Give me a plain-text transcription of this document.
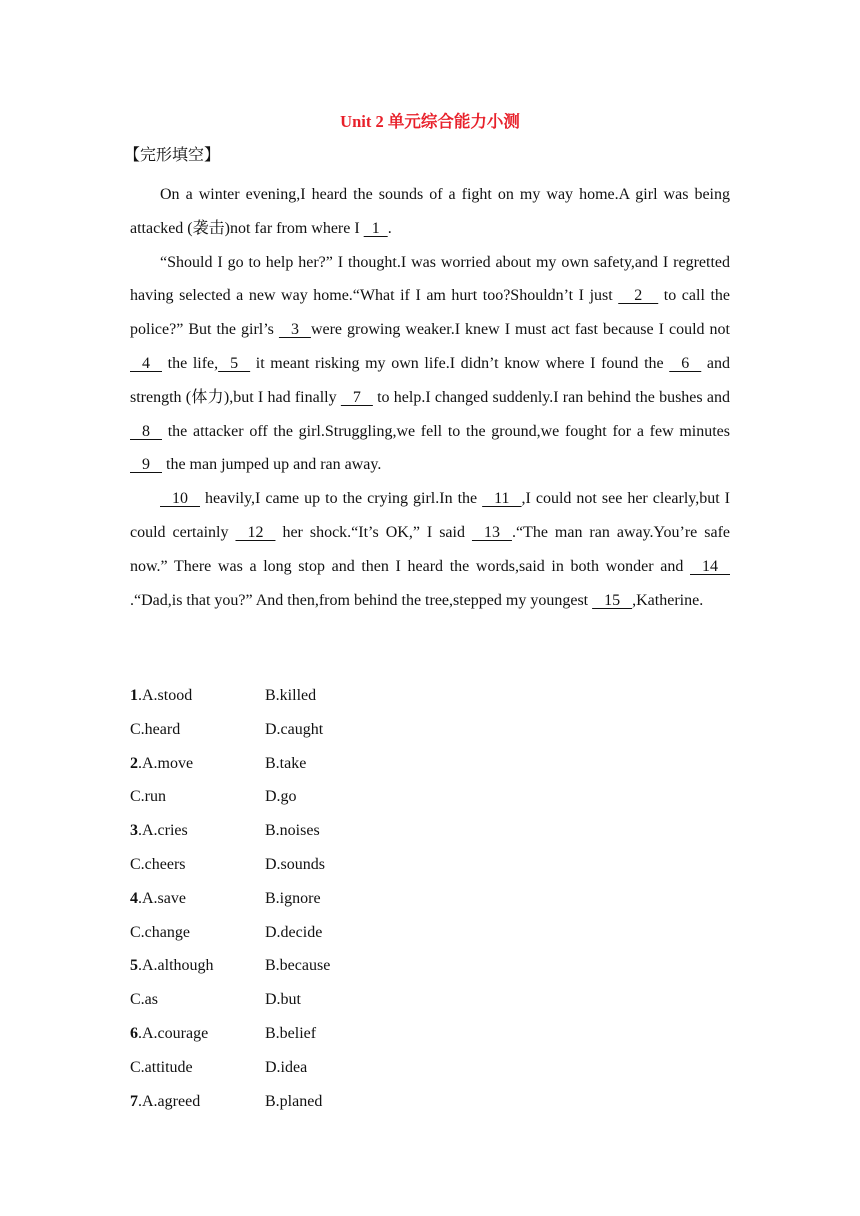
Unit 2 单元综合能力小测
【完形填空】

On a winter evening,I heard the sounds of a fight on my way home.A girl was being attacked (袭击)not far from where I   1  .

“Should I go to help her?” I thought.I was worried about my own safety,and I regretted having selected a new way home.“What if I am hurt too?Shouldn’t I just     2     to call the police?” But the girl’s    3   were growing weaker.I knew I must act fast because I could not    4    the life,   5    it meant risking my own life.I didn’t know where I found the    6    and strength (体力),but I had finally    7    to help.I changed suddenly.I ran behind the bushes and    8    the attacker off the girl.Struggling,we fell to the ground,we fought for a few minutes    9    the man jumped up and ran away.

10    heavily,I came up to the crying girl.In the    11   ,I could not see her clearly,but I could certainly    12    her shock.“It’s OK,” I said    13   .“The man ran away.You’re safe now.” There was a long stop and then I heard the words,said in both wonder and    14   .“Dad,is that you?” And then,from behind the tree,stepped my youngest    15   ,Katherine.

1.A.stood	B.killed
C.heard	D.caught
2.A.move	B.take
C.run	D.go
3.A.cries	B.noises
C.cheers	D.sounds
4.A.save	B.ignore
C.change	D.decide
5.A.although	B.because
C.as	D.but
6.A.courage	B.belief
C.attitude	D.idea
7.A.agreed	B.planed
